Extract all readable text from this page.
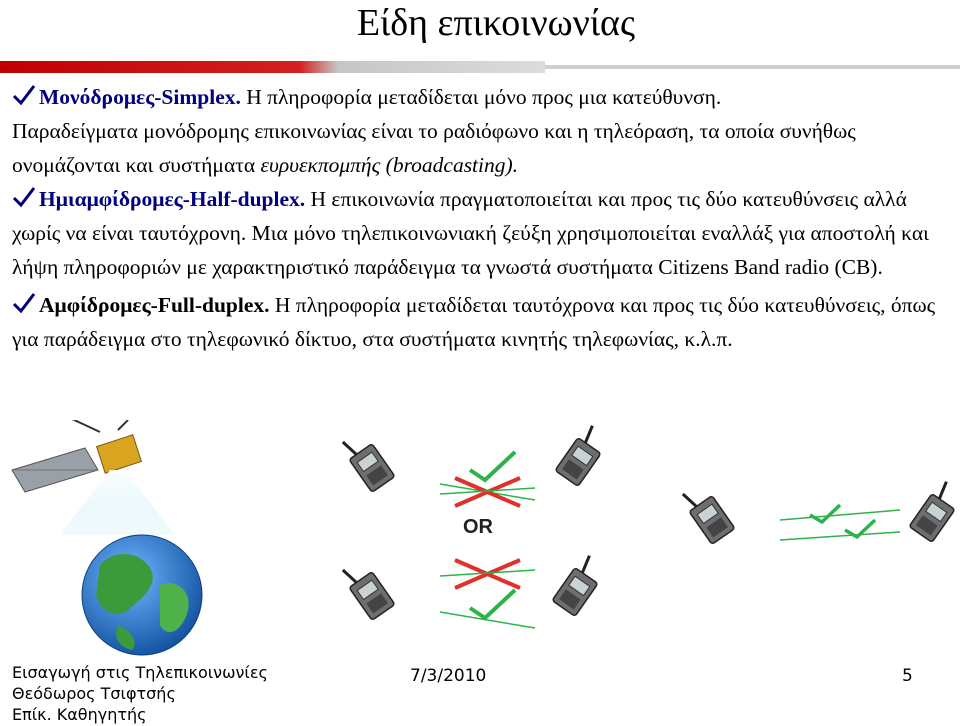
Είδη επικοινωνίας

Μονόδρομες-Simplex. Η πληροφορία μεταδίδεται μόνο προς μια κατεύθυνση.
Παραδείγματα μονόδρομης επικοινωνίας είναι το ραδιόφωνο και η τηλεόραση, τα οποία συνήθως ονομάζονται και συστήματα ευρυεκπομπής (broadcasting).

Ημιαμφίδρομες-Half-duplex. Η επικοινωνία πραγματοποιείται και προς τις δύο κατευθύνσεις αλλά χωρίς να είναι ταυτόχρονη. Μια μόνο τηλεπικοινωνιακή ζεύξη χρησιμοποιείται εναλλάξ για αποστολή και λήψη πληροφοριών με χαρακτηριστικό παράδειγμα τα γνωστά συστήματα Citizens Band radio (CB).

Αμφίδρομες-Full-duplex. Η πληροφορία μεταδίδεται ταυτόχρονα και προς τις δύο κατευθύνσεις, όπως για παράδειγμα στο τηλεφωνικό δίκτυο, στα συστήματα κινητής τηλεφωνίας, κ.λ.π.

OR
Εισαγωγή στις Τηλεπικοινωνίες
Θεόδωρος Τσιφτσής
Επίκ. Καθηγητής
7/3/2010	5
